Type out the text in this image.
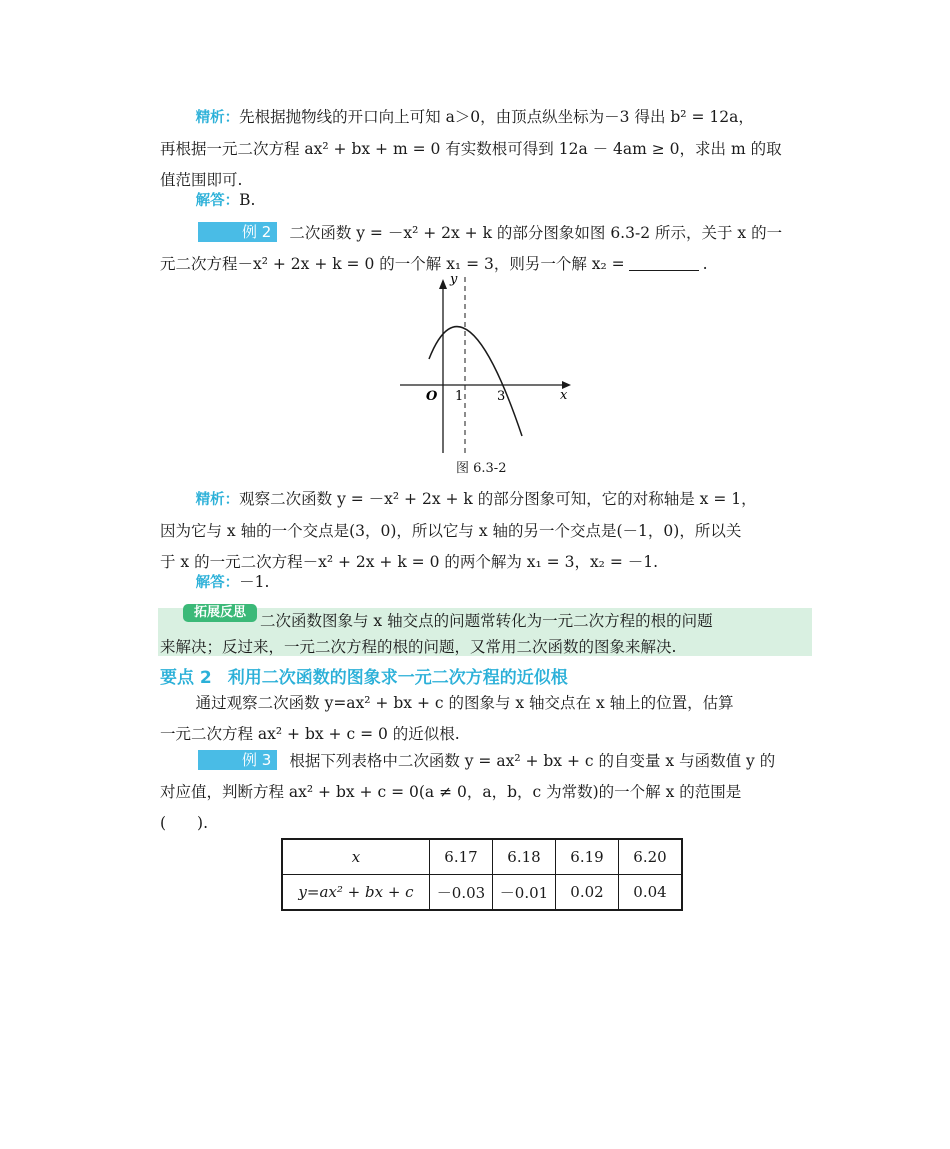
精析：先根据抛物线的开口向上可知 a＞0，由顶点纵坐标为－3 得出 b² = 12a，
再根据一元二次方程 ax² + bx + m = 0 有实数根可得到 12a － 4am ≥ 0，求出 m 的取
值范围即可.

解答：B.

例 2 二次函数 y = －x² + 2x + k 的部分图象如图 6.3-2 所示，关于 x 的一
元二次方程－x² + 2x + k = 0 的一个解 x₁ = 3，则另一个解 x₂ =	.

y
x
O 1	3
图 6.3-2

精析：观察二次函数 y = －x² + 2x + k 的部分图象可知，它的对称轴是 x = 1，
因为它与 x 轴的一个交点是(3，0)，所以它与 x 轴的另一个交点是(－1，0)，所以关
于 x 的一元二次方程－x² + 2x + k = 0 的两个解为 x₁ = 3，x₂ = －1.

解答：－1.

拓展反思 二次函数图象与 x 轴交点的问题常转化为一元二次方程的根的问题
来解决；反过来，一元二次方程的根的问题，又常用二次函数的图象来解决.

要点 2 利用二次函数的图象求一元二次方程的近似根

通过观察二次函数 y=ax² + bx + c 的图象与 x 轴交点在 x 轴上的位置，估算
一元二次方程 ax² + bx + c = 0 的近似根.

例 3 根据下列表格中二次函数 y = ax² + bx + c 的自变量 x 与函数值 y 的
对应值，判断方程 ax² + bx + c = 0(a ≠ 0，a，b，c 为常数)的一个解 x 的范围是
(　　).

x	6.17	6.18	6.19	6.20
y=ax² + bx + c	－0.03	－0.01	0.02	0.04
